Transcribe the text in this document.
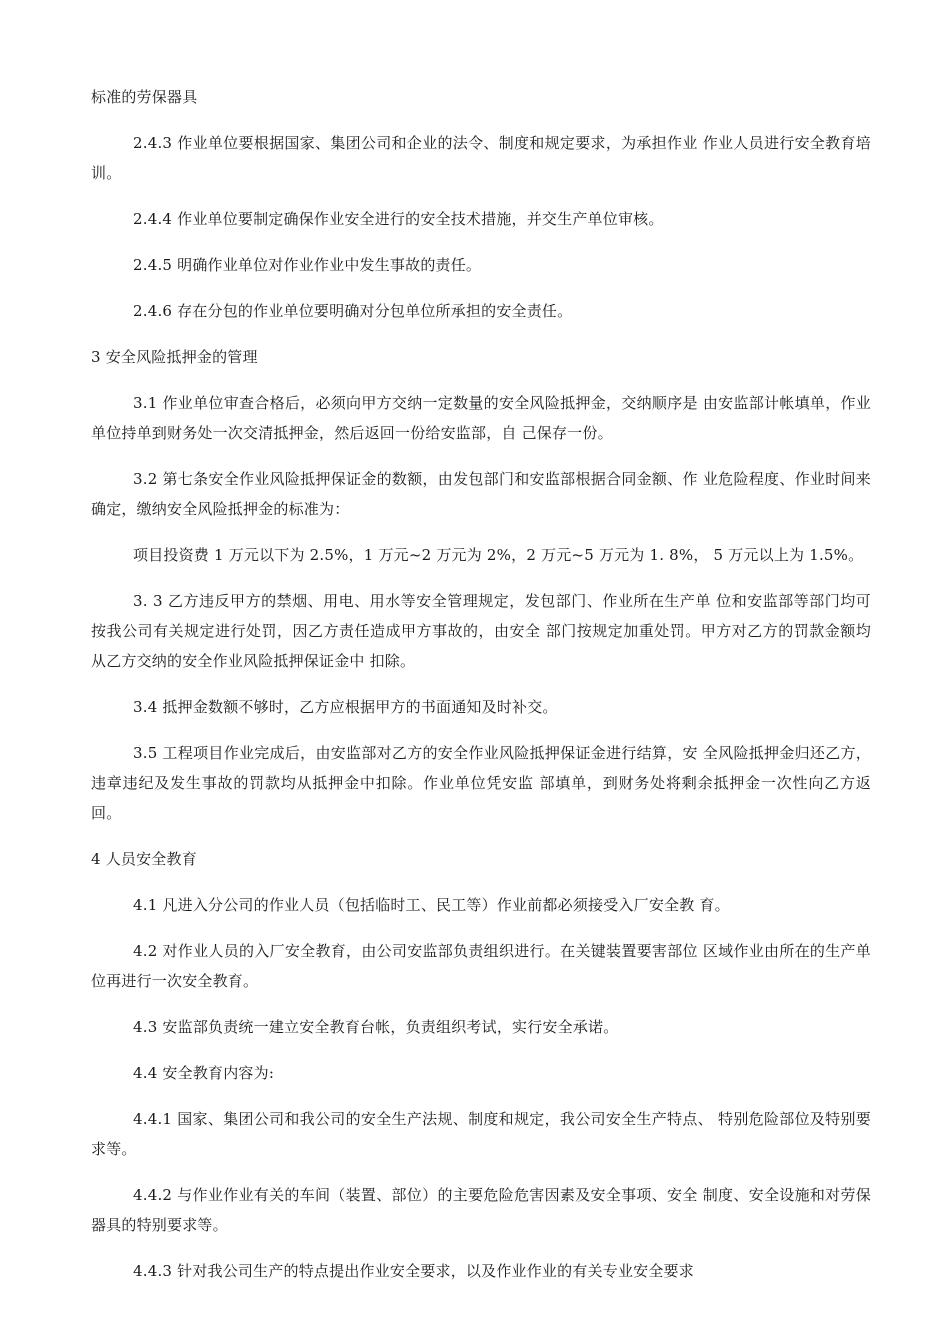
标准的劳保器具

2.4.3 作业单位要根据国家、集团公司和企业的法令、制度和规定要求，为承担作业 作业人员进行安全教育培训。

2.4.4 作业单位要制定确保作业安全进行的安全技术措施，并交生产单位审核。

2.4.5 明确作业单位对作业作业中发生事故的责任。

2.4.6 存在分包的作业单位要明确对分包单位所承担的安全责任。

3 安全风险抵押金的管理

3.1 作业单位审查合格后，必须向甲方交纳一定数量的安全风险抵押金，交纳顺序是 由安监部计帐填单，作业单位持单到财务处一次交清抵押金，然后返回一份给安监部，自 己保存一份。

3.2 第七条安全作业风险抵押保证金的数额，由发包部门和安监部根据合同金额、作 业危险程度、作业时间来确定，缴纳安全风险抵押金的标准为：

项目投资费 1 万元以下为 2.5%，1 万元~2 万元为 2%，2 万元~5 万元为 1. 8%， 5 万元以上为 1.5%。

3. 3 乙方违反甲方的禁烟、用电、用水等安全管理规定，发包部门、作业所在生产单 位和安监部等部门均可按我公司有关规定进行处罚，因乙方责任造成甲方事故的，由安全 部门按规定加重处罚。甲方对乙方的罚款金额均从乙方交纳的安全作业风险抵押保证金中 扣除。

3.4 抵押金数额不够时，乙方应根据甲方的书面通知及时补交。

3.5 工程项目作业完成后，由安监部对乙方的安全作业风险抵押保证金进行结算，安 全风险抵押金归还乙方，违章违纪及发生事故的罚款均从抵押金中扣除。作业单位凭安监 部填单，到财务处将剩余抵押金一次性向乙方返回。

4 人员安全教育

4.1 凡进入分公司的作业人员（包括临时工、民工等）作业前都必须接受入厂安全教 育。

4.2 对作业人员的入厂安全教育，由公司安监部负责组织进行。在关键装置要害部位 区域作业由所在的生产单位再进行一次安全教育。

4.3 安监部负责统一建立安全教育台帐，负责组织考试，实行安全承诺。

4.4 安全教育内容为:

4.4.1 国家、集团公司和我公司的安全生产法规、制度和规定，我公司安全生产特点、 特别危险部位及特别要求等。

4.4.2 与作业作业有关的车间（装置、部位）的主要危险危害因素及安全事项、安全 制度、安全设施和对劳保器具的特别要求等。

4.4.3 针对我公司生产的特点提出作业安全要求，以及作业作业的有关专业安全要求
